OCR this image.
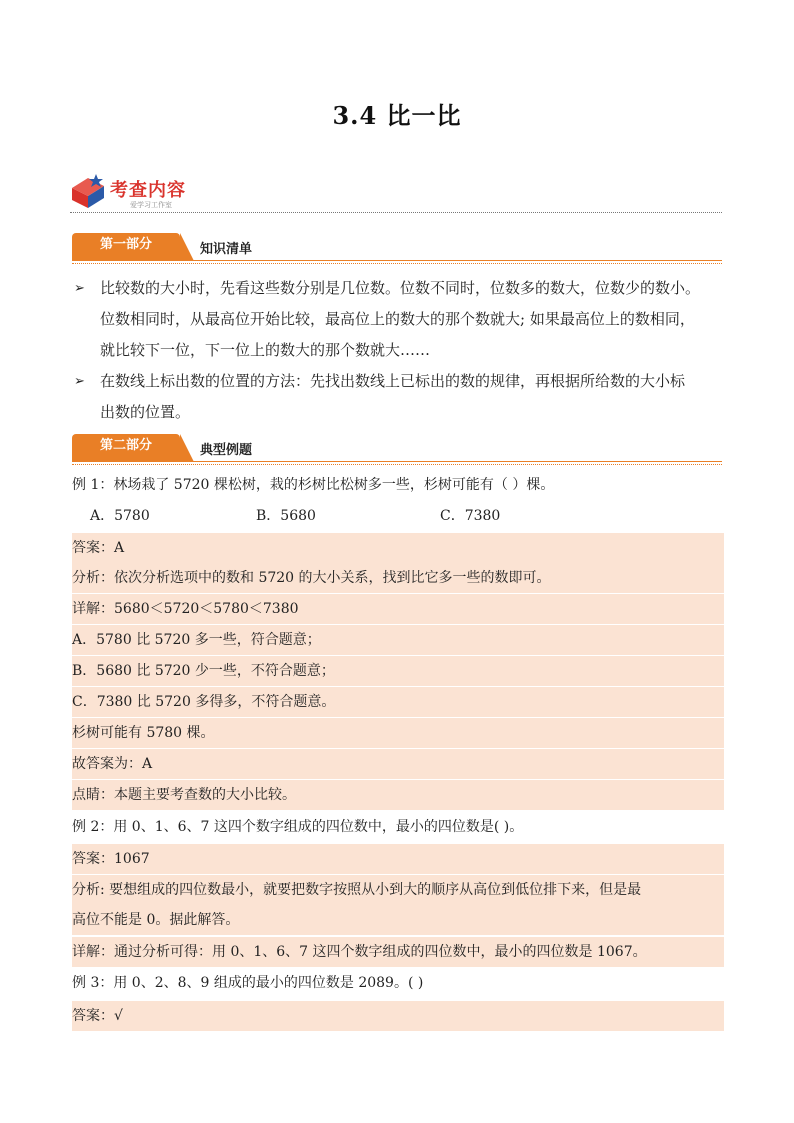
3.4 比一比
考查内容
爱学习工作室
第一部分	知识清单
➢ 比较数的大小时，先看这些数分别是几位数。位数不同时，位数多的数大，位数少的数小。
位数相同时，从最高位开始比较，最高位上的数大的那个数就大; 如果最高位上的数相同，
就比较下一位，下一位上的数大的那个数就大……
➢ 在数线上标出数的位置的方法：先找出数线上已标出的数的规律，再根据所给数的大小标
出数的位置。
第二部分	典型例题
例 1：林场栽了 5720 棵松树，栽的杉树比松树多一些，杉树可能有（ ）棵。
A．5780	B．5680	C．7380
答案：A
分析：依次分析选项中的数和 5720 的大小关系，找到比它多一些的数即可。
详解：5680＜5720＜5780＜7380
A．5780 比 5720 多一些，符合题意；
B．5680 比 5720 少一些，不符合题意；
C．7380 比 5720 多得多，不符合题意。
杉树可能有 5780 棵。
故答案为：A
点睛：本题主要考查数的大小比较。
例 2：用 0、1、6、7 这四个数字组成的四位数中，最小的四位数是( )。
答案：1067
分析: 要想组成的四位数最小，就要把数字按照从小到大的顺序从高位到低位排下来，但是最
高位不能是 0。据此解答。
详解：通过分析可得：用 0、1、6、7 这四个数字组成的四位数中，最小的四位数是 1067。
例 3：用 0、2、8、9 组成的最小的四位数是 2089。( )
答案：√
